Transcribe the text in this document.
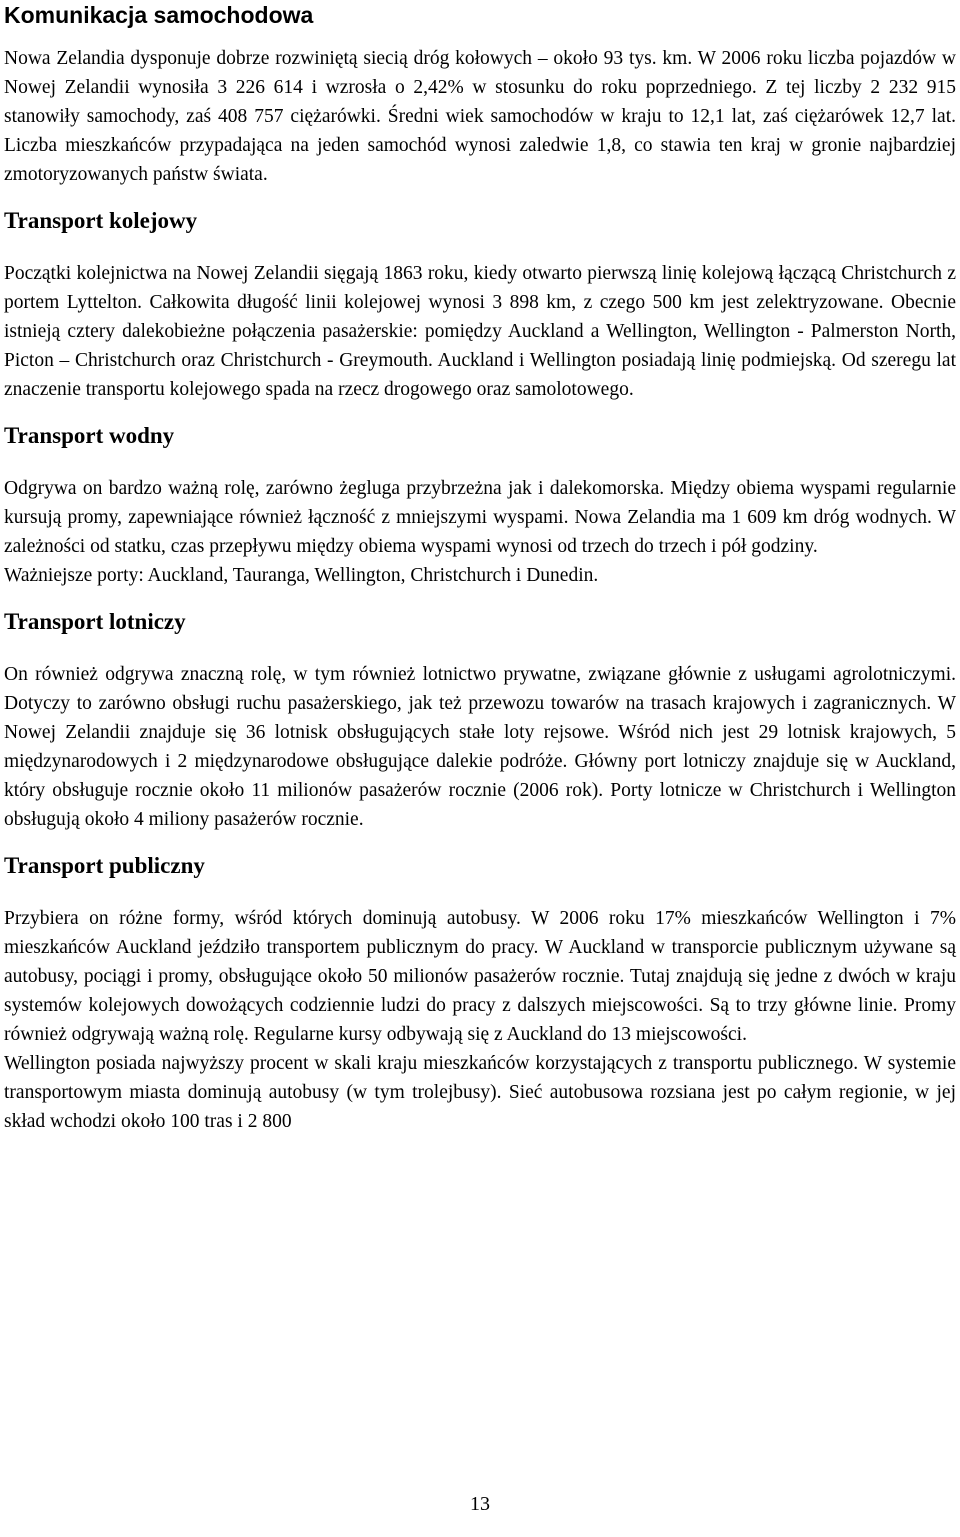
Komunikacja samochodowa

Nowa Zelandia dysponuje dobrze rozwiniętą siecią dróg kołowych – około 93 tys. km. W 2006 roku liczba pojazdów w Nowej Zelandii wynosiła 3 226 614 i wzrosła o 2,42% w stosunku do roku poprzedniego. Z tej liczby 2 232 915 stanowiły samochody, zaś 408 757 ciężarówki. Średni wiek samochodów w kraju to 12,1 lat, zaś ciężarówek 12,7 lat. Liczba mieszkańców przypadająca na jeden samochód wynosi zaledwie 1,8, co stawia ten kraj w gronie najbardziej zmotoryzowanych państw świata.

Transport kolejowy

Początki kolejnictwa na Nowej Zelandii sięgają 1863 roku, kiedy otwarto pierwszą linię kolejową łączącą Christchurch z portem Lyttelton. Całkowita długość linii kolejowej wynosi 3 898 km, z czego 500 km jest zelektryzowane. Obecnie istnieją cztery dalekobieżne połączenia pasażerskie: pomiędzy Auckland a Wellington, Wellington - Palmerston North, Picton – Christchurch oraz Christchurch - Greymouth. Auckland i Wellington posiadają linię podmiejską. Od szeregu lat znaczenie transportu kolejowego spada na rzecz drogowego oraz samolotowego.

Transport wodny

Odgrywa on bardzo ważną rolę, zarówno żegluga przybrzeżna jak i dalekomorska. Między obiema wyspami regularnie kursują promy, zapewniające również łączność z mniejszymi wyspami. Nowa Zelandia ma 1 609 km dróg wodnych. W zależności od statku, czas przepływu między obiema wyspami wynosi od trzech do trzech i pół godziny.

Ważniejsze porty: Auckland, Tauranga, Wellington, Christchurch i Dunedin.

Transport lotniczy

On również odgrywa znaczną rolę, w tym również lotnictwo prywatne, związane głównie z usługami agrolotniczymi. Dotyczy to zarówno obsługi ruchu pasażerskiego, jak też przewozu towarów na trasach krajowych i zagranicznych. W Nowej Zelandii znajduje się 36 lotnisk obsługujących stałe loty rejsowe. Wśród nich jest 29 lotnisk krajowych, 5 międzynarodowych i 2 międzynarodowe obsługujące dalekie podróże. Główny port lotniczy znajduje się w Auckland, który obsługuje rocznie około 11 milionów pasażerów rocznie (2006 rok). Porty lotnicze w Christchurch i Wellington obsługują około 4 miliony pasażerów rocznie.

Transport publiczny

Przybiera on różne formy, wśród których dominują autobusy. W 2006 roku 17% mieszkańców Wellington i 7% mieszkańców Auckland jeździło transportem publicznym do pracy. W Auckland w transporcie publicznym używane są autobusy, pociągi i promy, obsługujące około 50 milionów pasażerów rocznie. Tutaj znajdują się jedne z dwóch w kraju systemów kolejowych dowożących codziennie ludzi do pracy z dalszych miejscowości. Są to trzy główne linie. Promy również odgrywają ważną rolę. Regularne kursy odbywają się z Auckland do 13 miejscowości.

Wellington posiada najwyższy procent w skali kraju mieszkańców korzystających z transportu publicznego. W systemie transportowym miasta dominują autobusy (w tym trolejbusy). Sieć autobusowa rozsiana jest po całym regionie, w jej skład wchodzi około 100 tras i 2 800

13
